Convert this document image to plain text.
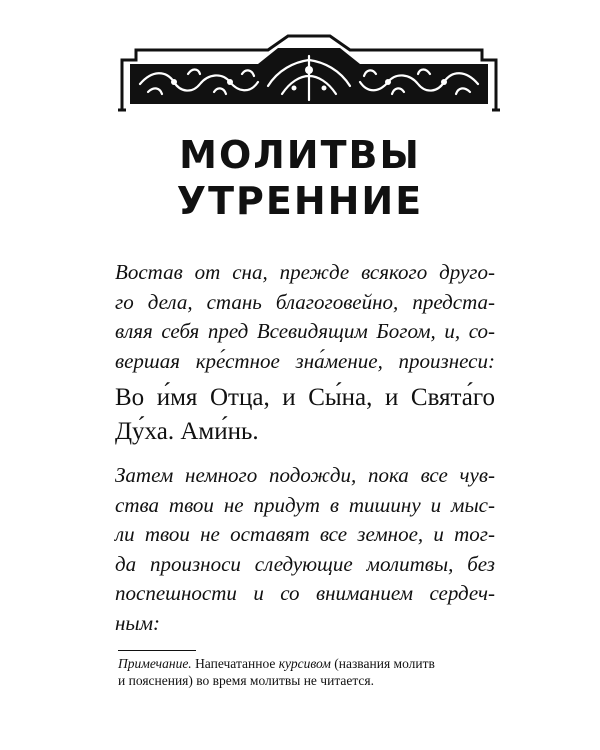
МОЛИТВЫ
УТРЕННИЕ
Востав от сна, прежде всякого друго-
го дела, стань благоговейно, предста-
вляя себя пред Всевидящим Богом, и, со-
вершая кре́стное зна́мение, произнеси:
Во и́мя Отца, и Сы́на, и Свята́го
Ду́ха. Ами́нь.
Затем немного подожди, пока все чув-
ства твои не придут в тишину и мыс-
ли твои не оставят все земное, и тог-
да произноси следующие молитвы, без
поспешности и со вниманием сердеч-
ным:
Примечание. Напечатанное курсивом (названия молитв
и пояснения) во время молитвы не читается.
